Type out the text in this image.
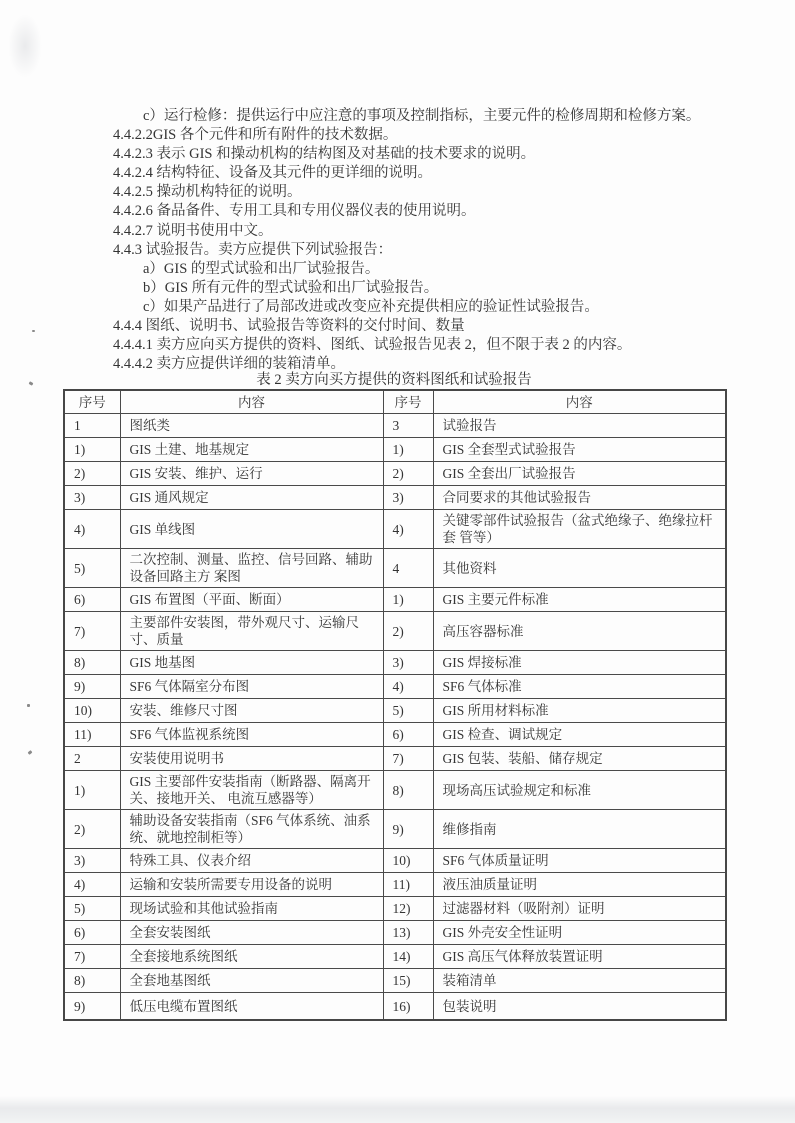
c）运行检修：提供运行中应注意的事项及控制指标，主要元件的检修周期和检修方案。
4.4.2.2GIS 各个元件和所有附件的技术数据。
4.4.2.3 表示 GIS 和操动机构的结构图及对基础的技术要求的说明。
4.4.2.4 结构特征、设备及其元件的更详细的说明。
4.4.2.5 操动机构特征的说明。
4.4.2.6 备品备件、专用工具和专用仪器仪表的使用说明。
4.4.2.7 说明书使用中文。
4.4.3 试验报告。卖方应提供下列试验报告：
a）GIS 的型式试验和出厂试验报告。
b）GIS 所有元件的型式试验和出厂试验报告。
c）如果产品进行了局部改进或改变应补充提供相应的验证性试验报告。
4.4.4 图纸、说明书、试验报告等资料的交付时间、数量
4.4.4.1 卖方应向买方提供的资料、图纸、试验报告见表 2，但不限于表 2 的内容。
4.4.4.2 卖方应提供详细的装箱清单。
表 2 卖方向买方提供的资料图纸和试验报告
序号	内容	序号	内容
1	图纸类	3	试验报告
1)	GIS 土建、地基规定	1)	GIS 全套型式试验报告
2)	GIS 安装、维护、运行	2)	GIS 全套出厂试验报告
3)	GIS 通风规定	3)	合同要求的其他试验报告
4)	GIS 单线图	4)	关键零部件试验报告（盆式绝缘子、绝缘拉杆套 管等）
5)	二次控制、测量、监控、信号回路、辅助设备回路主方 案图	4	其他资料
6)	GIS 布置图（平面、断面）	1)	GIS 主要元件标准
7)	主要部件安装图，带外观尺寸、运输尺寸、质量	2)	高压容器标准
8)	GIS 地基图	3)	GIS 焊接标准
9)	SF6 气体隔室分布图	4)	SF6 气体标准
10)	安装、维修尺寸图	5)	GIS 所用材料标准
11)	SF6 气体监视系统图	6)	GIS 检查、调试规定
2	安装使用说明书	7)	GIS 包装、装船、储存规定
1)	GIS 主要部件安装指南（断路器、隔离开关、接地开关、 电流互感器等）	8)	现场高压试验规定和标准
2)	辅助设备安装指南（SF6 气体系统、油系统、就地控制柜等）	9)	维修指南
3)	特殊工具、仪表介绍	10)	SF6 气体质量证明
4)	运输和安装所需要专用设备的说明	11)	液压油质量证明
5)	现场试验和其他试验指南	12)	过滤器材料（吸附剂）证明
6)	全套安装图纸	13)	GIS 外壳安全性证明
7)	全套接地系统图纸	14)	GIS 高压气体释放装置证明
8)	全套地基图纸	15)	装箱清单
9)	低压电缆布置图纸	16)	包装说明
